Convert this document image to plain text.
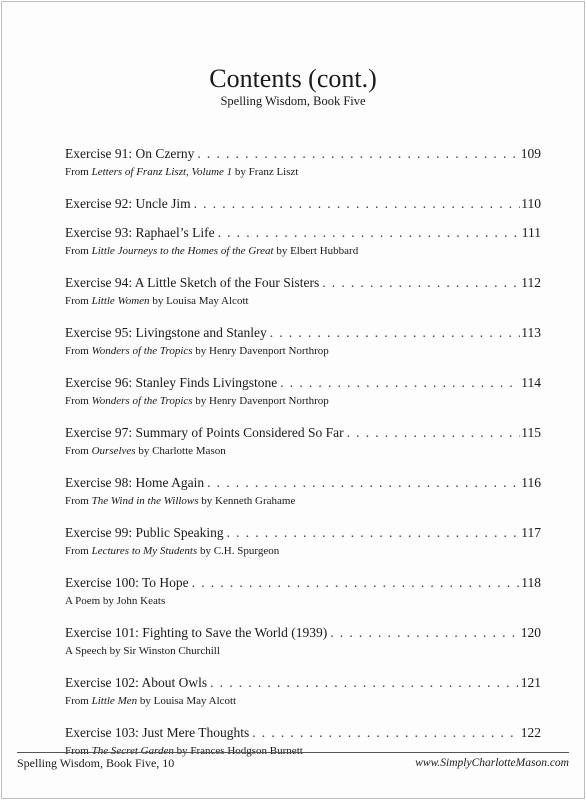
Contents (cont.)
Spelling Wisdom, Book Five
Exercise 91: On Czerny . . .	109
From Letters of Franz Liszt, Volume 1 by Franz Liszt
Exercise 92: Uncle Jim . . .	110
Exercise 93: Raphael’s Life . . .	111
From Little Journeys to the Homes of the Great by Elbert Hubbard
Exercise 94: A Little Sketch of the Four Sisters . . .	112
From Little Women by Louisa May Alcott
Exercise 95: Livingstone and Stanley . . .	113
From Wonders of the Tropics by Henry Davenport Northrop
Exercise 96: Stanley Finds Livingstone . . .	114
From Wonders of the Tropics by Henry Davenport Northrop
Exercise 97: Summary of Points Considered So Far . . .	115
From Ourselves by Charlotte Mason
Exercise 98: Home Again . . .	116
From The Wind in the Willows by Kenneth Grahame
Exercise 99: Public Speaking . . .	117
From Lectures to My Students by C.H. Spurgeon
Exercise 100: To Hope . . .	118
A Poem by John Keats
Exercise 101: Fighting to Save the World (1939) . . .	120
A Speech by Sir Winston Churchill
Exercise 102: About Owls . . .	121
From Little Men by Louisa May Alcott
Exercise 103: Just Mere Thoughts . . .	122
From The Secret Garden by Frances Hodgson Burnett
Spelling Wisdom, Book Five, 10	www.SimplyCharlotteMason.com
